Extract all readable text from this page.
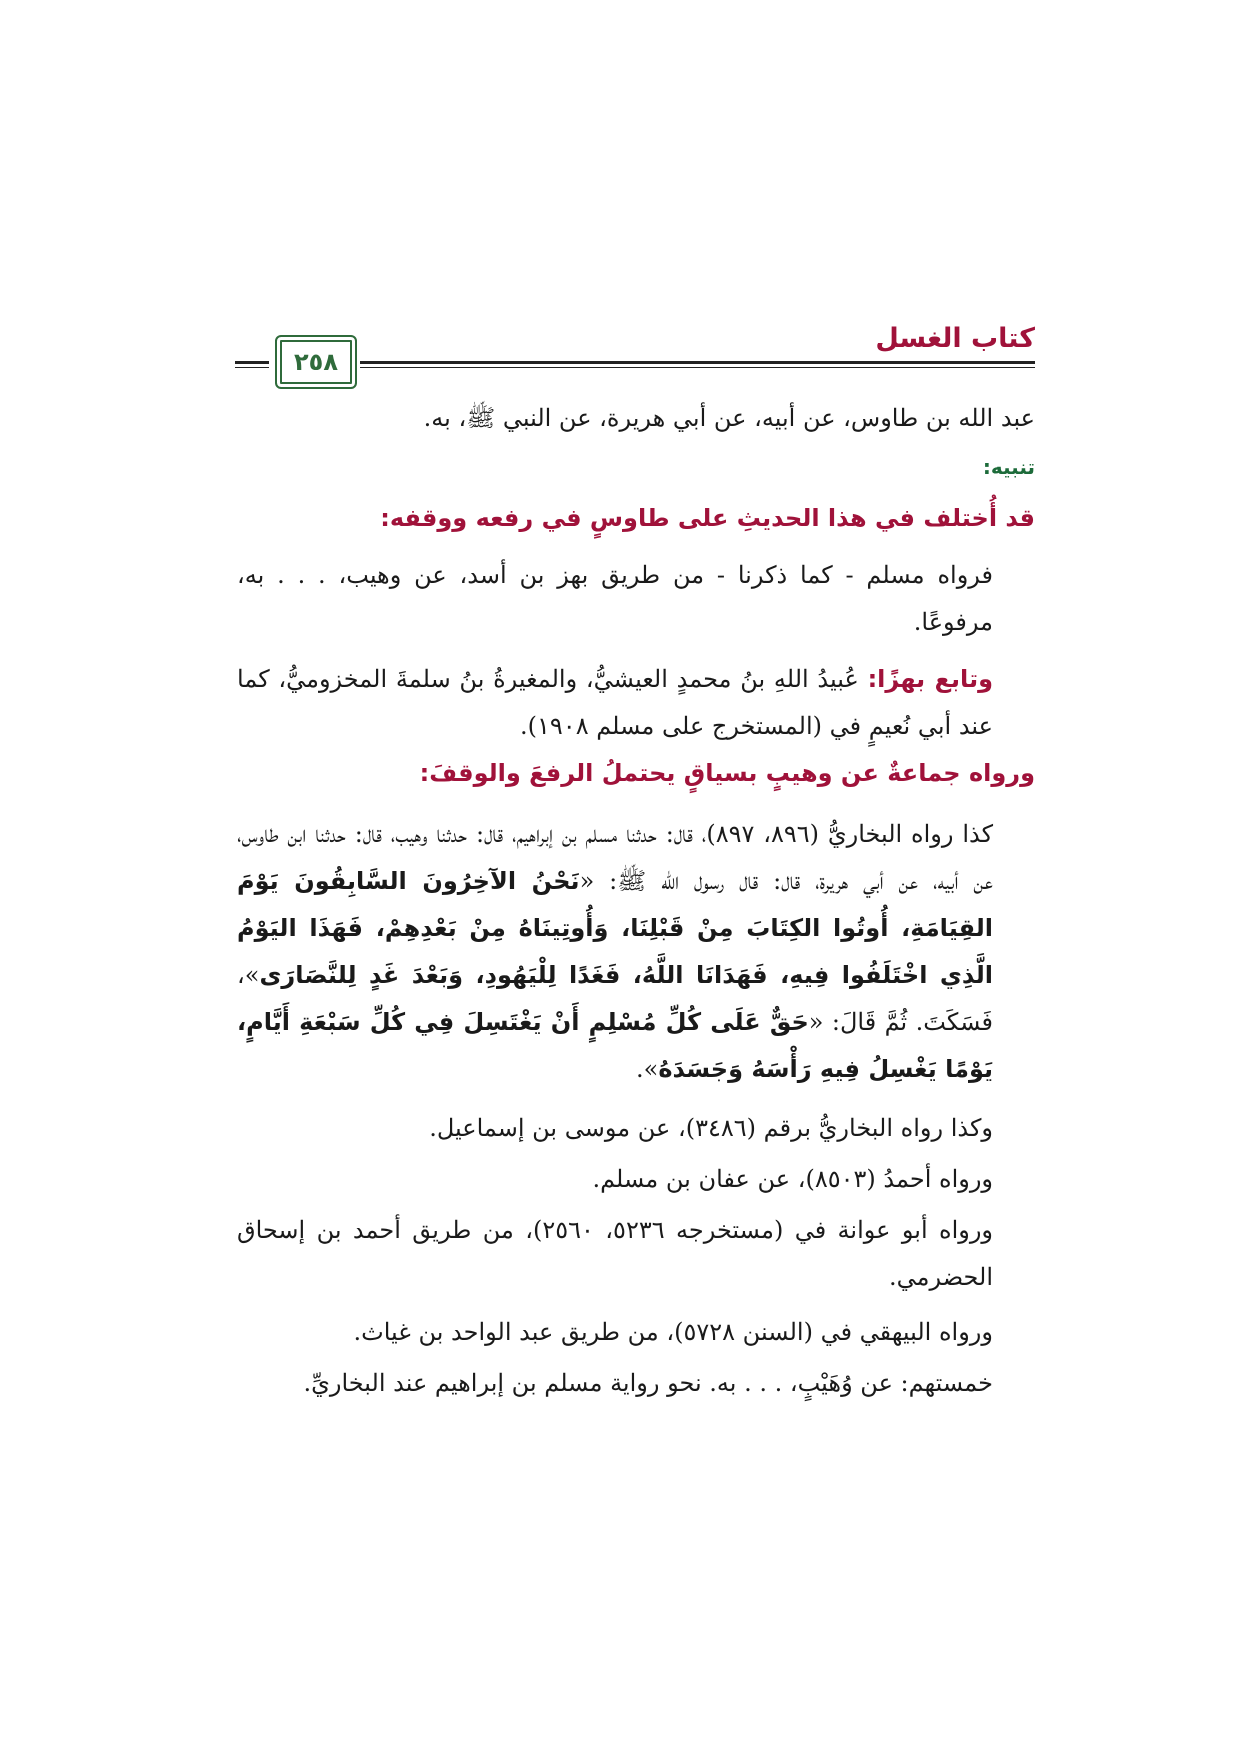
كتاب الغسل
٢٥٨

عبد الله بن طاوس، عن أبيه، عن أبي هريرة، عن النبي ﷺ، به.

تنبيه:

قد أُختلف في هذا الحديثِ على طاوسٍ في رفعه ووقفه:

فرواه مسلم - كما ذكرنا - من طريق بهز بن أسد، عن وهيب، . . . به، مرفوعًا.

وتابع بهزًا: عُبيدُ اللهِ بنُ محمدٍ العيشيُّ، والمغيرةُ بنُ سلمةَ المخزوميُّ، كما عند أبي نُعيمٍ في (المستخرج على مسلم ١٩٠٨).

ورواه جماعةٌ عن وهيبٍ بسياقٍ يحتملُ الرفعَ والوقفَ:

كذا رواه البخاريُّ (٨٩٦، ٨٩٧)، قال: حدثنا مسلم بن إبراهيم، قال: حدثنا وهيب، قال: حدثنا ابن طاوس، عن أبيه، عن أبي هريرة، قال: قال رسول الله ﷺ: «نَحْنُ الآخِرُونَ السَّابِقُونَ يَوْمَ القِيَامَةِ، أُوتُوا الكِتَابَ مِنْ قَبْلِنَا، وَأُوتِينَاهُ مِنْ بَعْدِهِمْ، فَهَذَا اليَوْمُ الَّذِي اخْتَلَفُوا فِيهِ، فَهَدَانَا اللَّهُ، فَغَدًا لِلْيَهُودِ، وَبَعْدَ غَدٍ لِلنَّصَارَى»، فَسَكَتَ. ثُمَّ قَالَ: «حَقٌّ عَلَى كُلِّ مُسْلِمٍ أَنْ يَغْتَسِلَ فِي كُلِّ سَبْعَةِ أَيَّامٍ، يَوْمًا يَغْسِلُ فِيهِ رَأْسَهُ وَجَسَدَهُ».

وكذا رواه البخاريُّ برقم (٣٤٨٦)، عن موسى بن إسماعيل.

ورواه أحمدُ (٨٥٠٣)، عن عفان بن مسلم.

ورواه أبو عوانة في (مستخرجه ٥٢٣٦، ٢٥٦٠)، من طريق أحمد بن إسحاق الحضرمي.

ورواه البيهقي في (السنن ٥٧٢٨)، من طريق عبد الواحد بن غياث.

خمستهم: عن وُهَيْبٍ، . . . به. نحو رواية مسلم بن إبراهيم عند البخاريِّ.
